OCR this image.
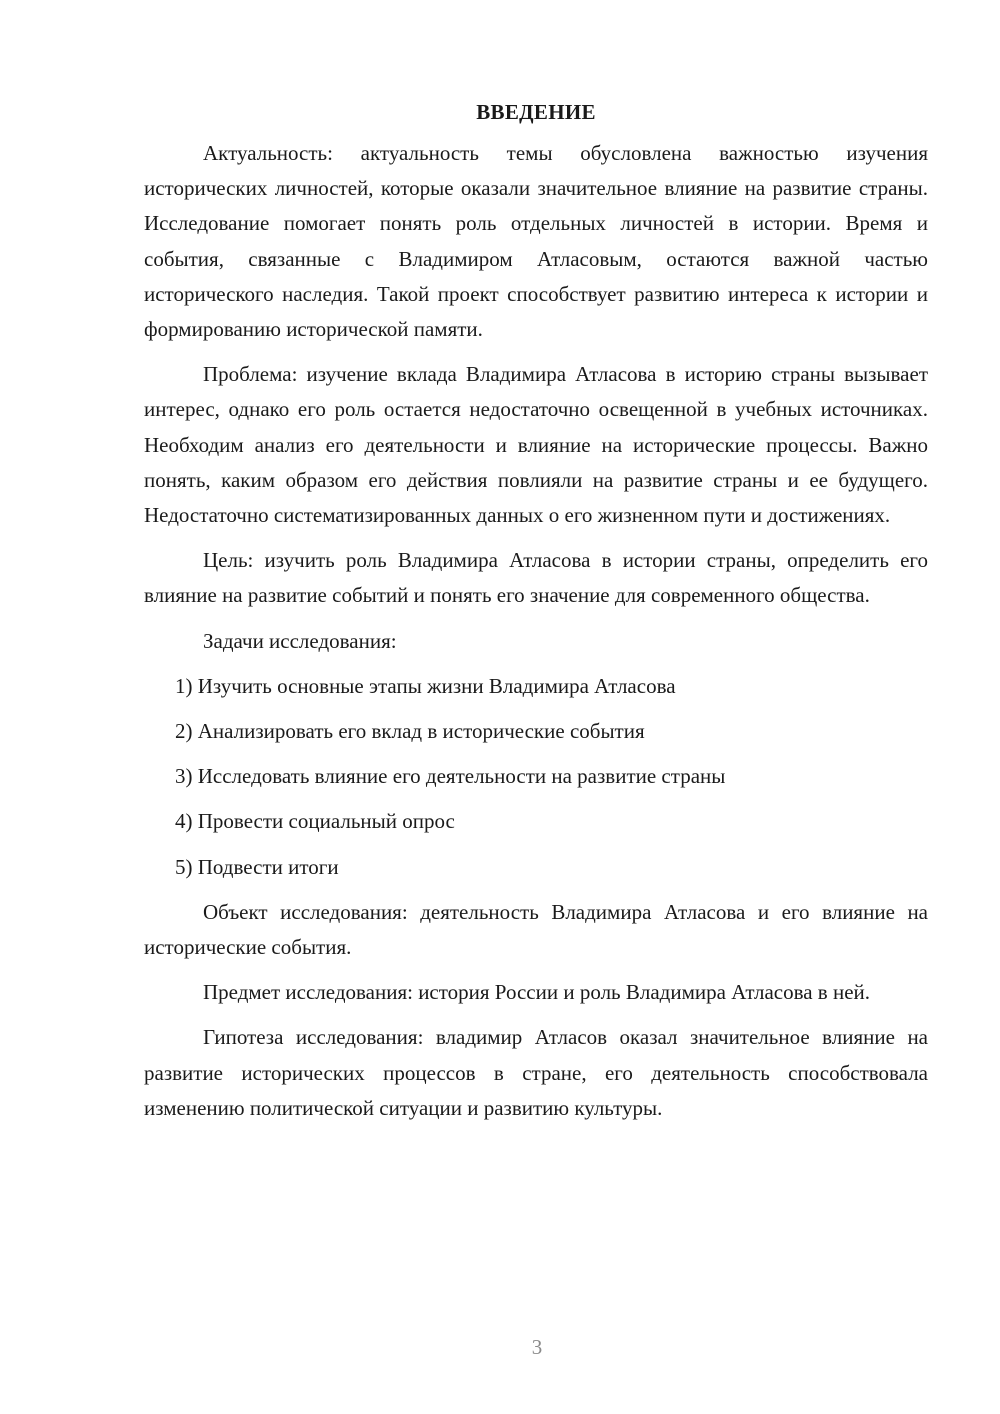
ВВЕДЕНИЕ

Актуальность: актуальность темы обусловлена важностью изучения исторических личностей, которые оказали значительное влияние на развитие страны. Исследование помогает понять роль отдельных личностей в истории. Время и события, связанные с Владимиром Атласовым, остаются важной частью исторического наследия. Такой проект способствует развитию интереса к истории и формированию исторической памяти.

Проблема: изучение вклада Владимира Атласова в историю страны вызывает интерес, однако его роль остается недостаточно освещенной в учебных источниках. Необходим анализ его деятельности и влияние на исторические процессы. Важно понять, каким образом его действия повлияли на развитие страны и ее будущего. Недостаточно систематизированных данных о его жизненном пути и достижениях.

Цель: изучить роль Владимира Атласова в истории страны, определить его влияние на развитие событий и понять его значение для современного общества.

Задачи исследования:

1) Изучить основные этапы жизни Владимира Атласова
2) Анализировать его вклад в исторические события
3) Исследовать влияние его деятельности на развитие страны
4) Провести социальный опрос
5) Подвести итоги

Объект исследования: деятельность Владимира Атласова и его влияние на исторические события.

Предмет исследования: история России и роль Владимира Атласова в ней.

Гипотеза исследования: владимир Атласов оказал значительное влияние на развитие исторических процессов в стране, его деятельность способствовала изменению политической ситуации и развитию культуры.

3
